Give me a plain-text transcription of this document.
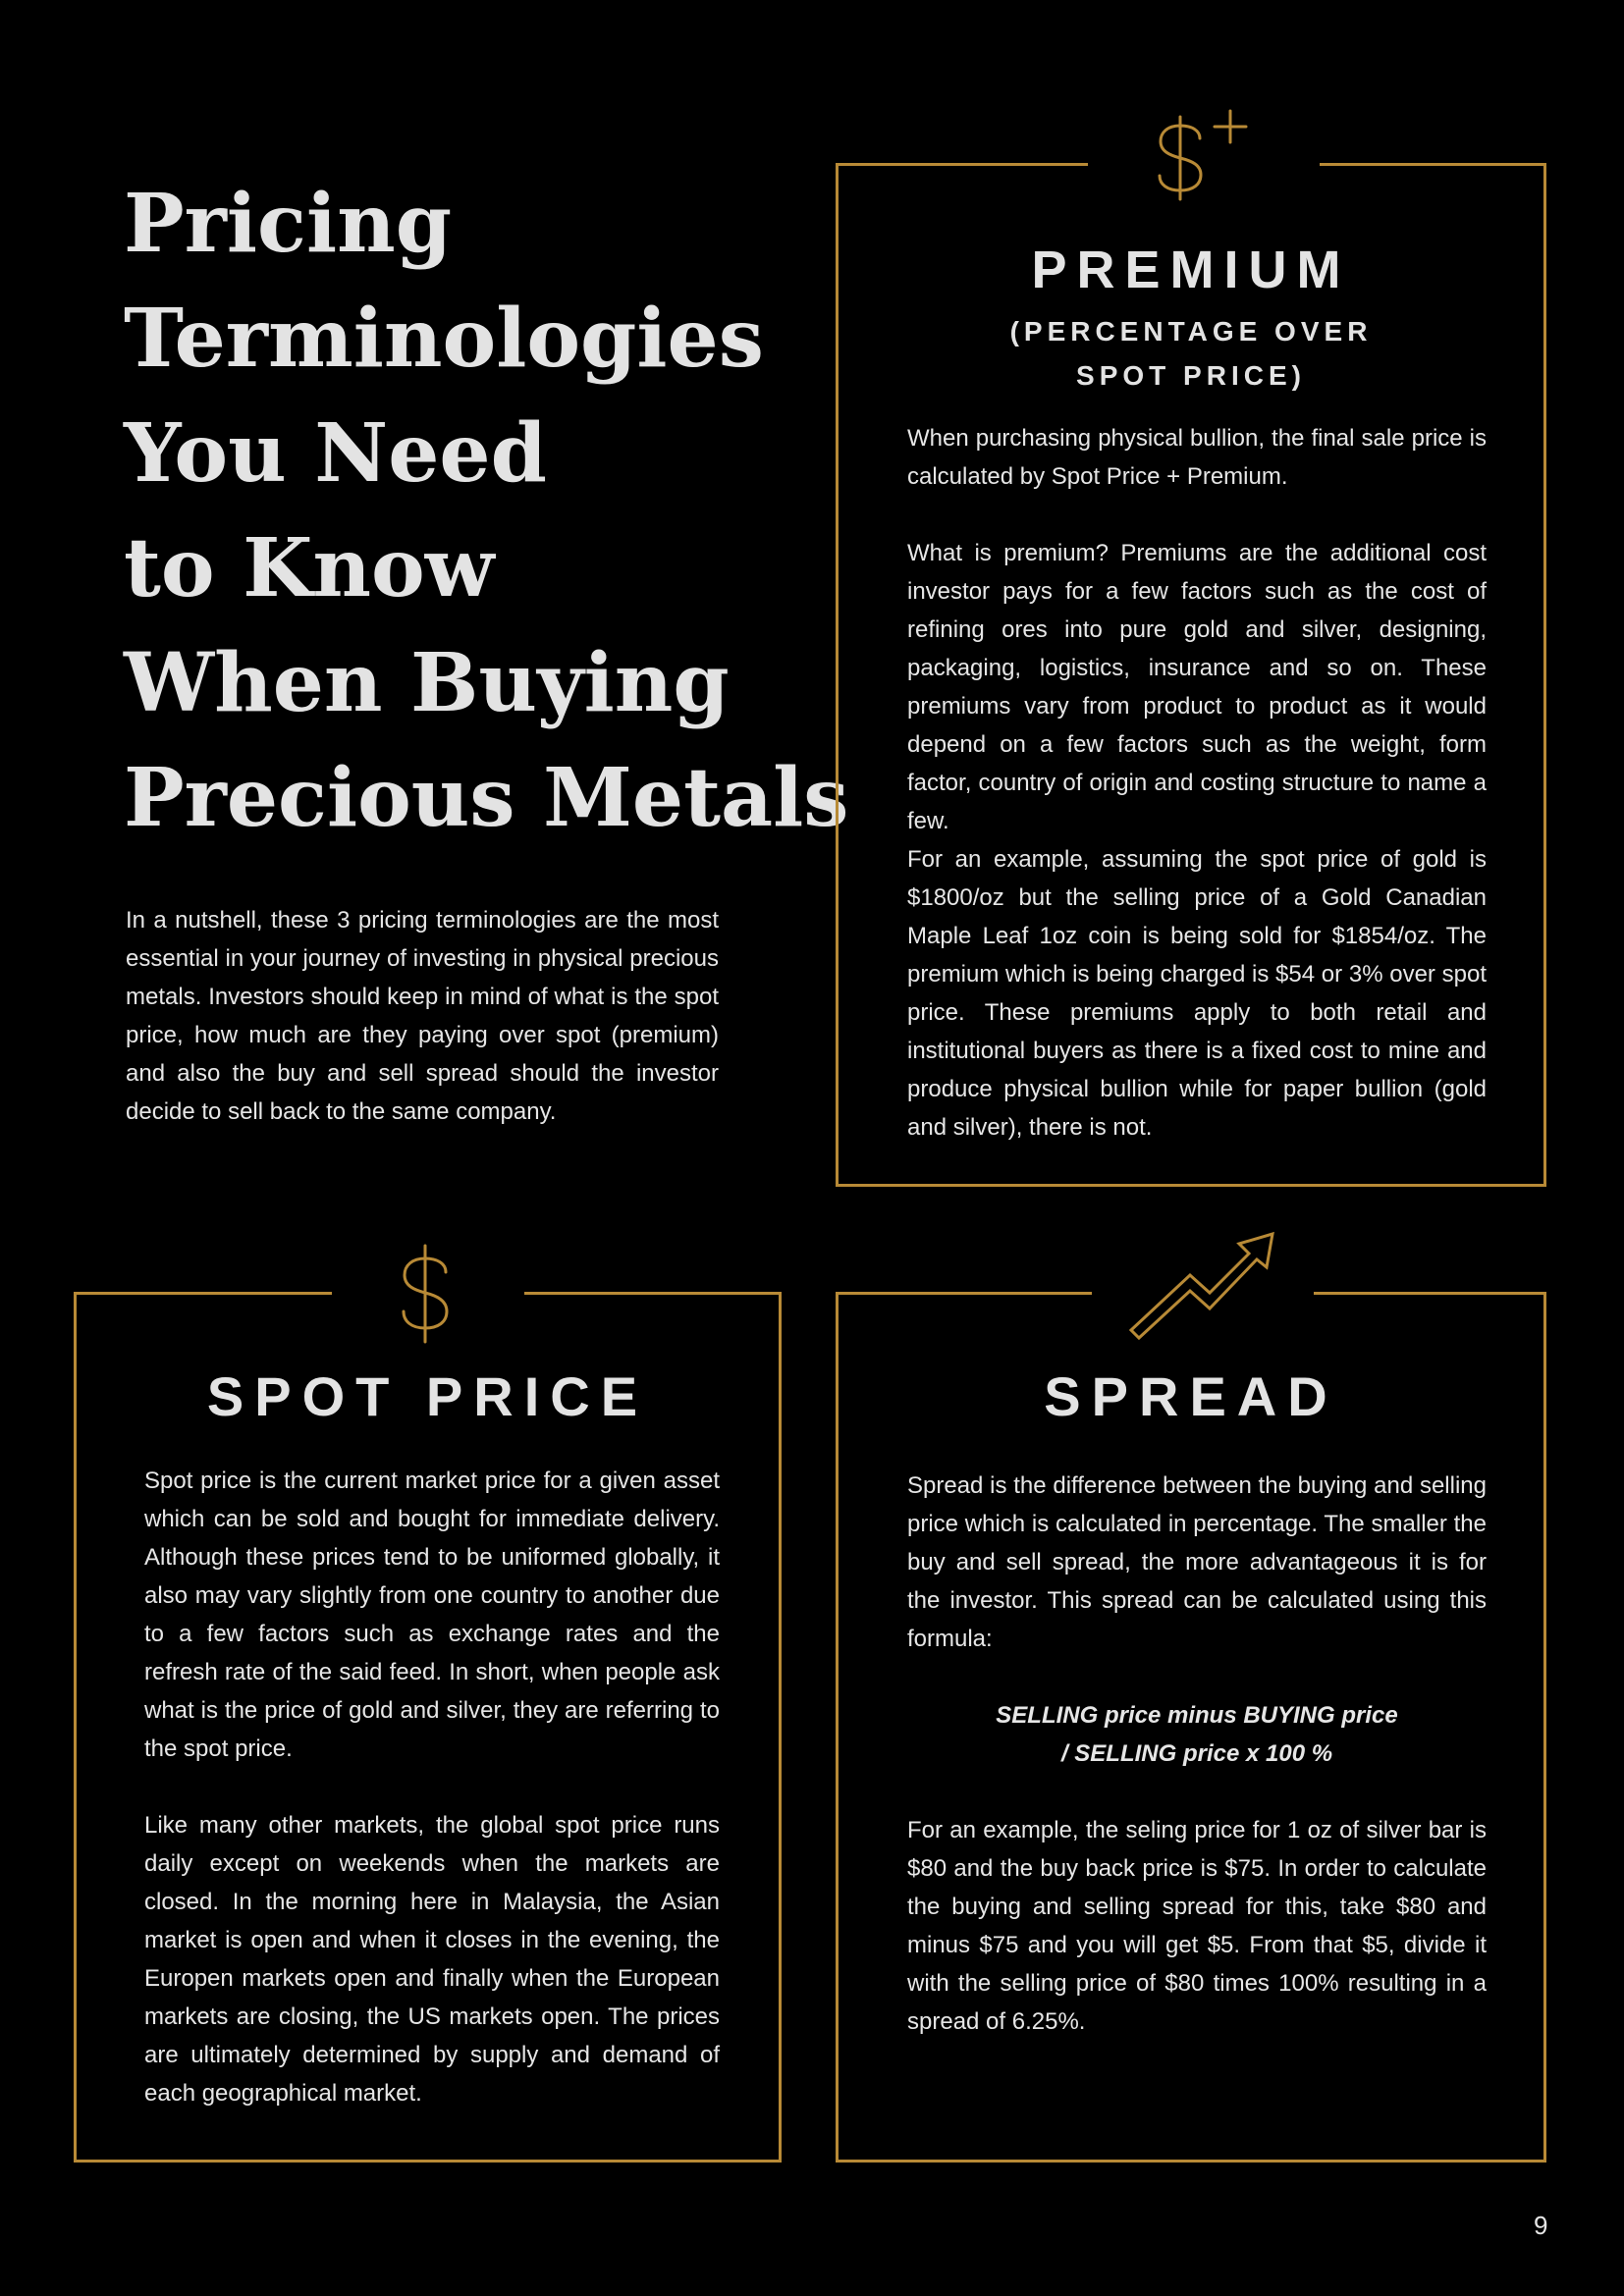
Pricing
Terminologies
You Need
to Know
When Buying
Precious Metals

In a nutshell, these 3 pricing terminologies are the most essential in your journey of investing in physical precious metals. Investors should keep in mind of what is the spot price, how much are they paying over spot (premium) and also the buy and sell spread should the investor decide to sell back to the same company.

PREMIUM

(PERCENTAGE OVER
SPOT PRICE)

When purchasing physical bullion, the final sale price is calculated by Spot Price + Premium.

What is premium? Premiums are the additional cost investor pays for a few factors such as the cost of refining ores into pure gold and silver, designing, packaging, logistics, insurance and so on. These premiums vary from product to product as it would depend on a few factors such as the weight, form factor, country of origin and costing structure to name a few.

For an example, assuming the spot price of gold is $1800/oz but the selling price of a Gold Canadian Maple Leaf 1oz coin is being sold for $1854/oz. The premium which is being charged is $54 or 3% over spot price. These premiums apply to both retail and institutional buyers as there is a fixed cost to mine and produce physical bullion while for paper bullion (gold and silver), there is not.

SPOT PRICE

Spot price is the current market price for a given asset which can be sold and bought for immediate delivery. Although these prices tend to be uniformed globally, it also may vary slightly from one country to another due to a few factors such as exchange rates and the refresh rate of the said feed. In short, when people ask what is the price of gold and silver, they are referring to the spot price.

Like many other markets, the global spot price runs daily except on weekends when the markets are closed. In the morning here in Malaysia, the Asian market is open and when it closes in the evening, the Europen markets open and finally when the European markets are closing, the US markets open. The prices are ultimately determined by supply and demand of each geographical market.

SPREAD

Spread is the difference between the buying and selling price which is calculated in percentage. The smaller the buy and sell spread, the more advantageous it is for the investor. This spread can be calculated using this formula:

SELLING price minus BUYING price
/ SELLING price x 100 %

For an example, the seling price for 1 oz of silver bar is $80 and the buy back price is $75. In order to calculate the buying and selling spread for this, take $80 and minus $75 and you will get $5. From that $5, divide it with the selling price of $80 times 100% resulting in a spread of 6.25%.

9
